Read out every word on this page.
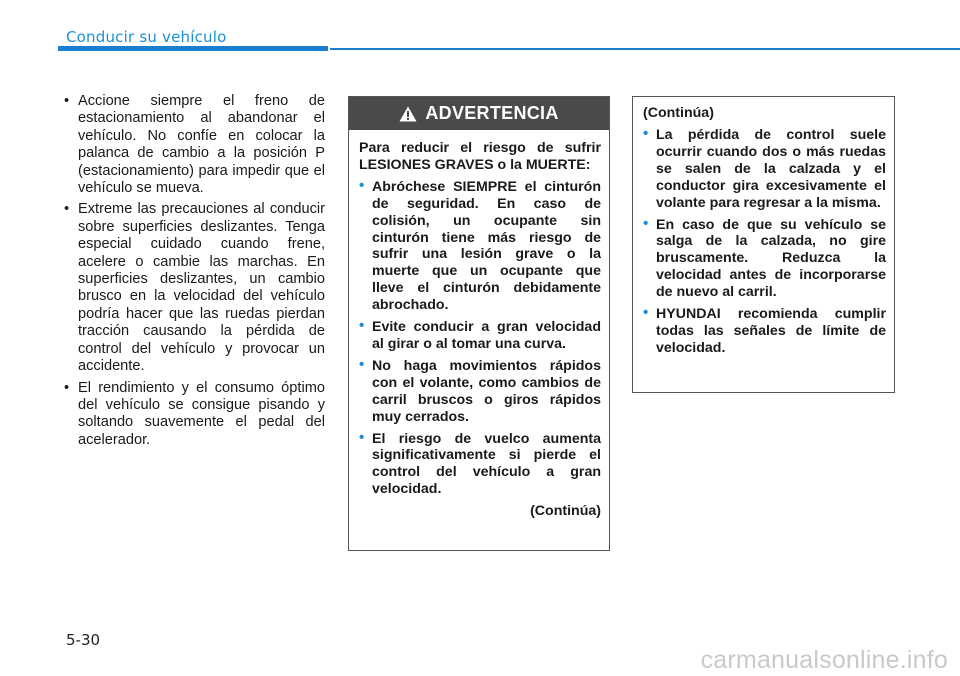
Conducir su vehículo
• Accione siempre el freno de estacionamiento al abandonar el vehículo. No confíe en colocar la palanca de cambio a la posición P (estacionamiento) para impedir que el vehículo se mueva.
• Extreme las precauciones al conducir sobre superficies deslizantes. Tenga especial cuidado cuando frene, acelere o cambie las marchas. En superficies deslizantes, un cambio brusco en la velocidad del vehículo podría hacer que las ruedas pierdan tracción causando la pérdida de control del vehículo y provocar un accidente.
• El rendimiento y el consumo óptimo del vehículo se consigue pisando y soltando suavemente el pedal del acelerador.
ADVERTENCIA

Para reducir el riesgo de sufrir LESIONES GRAVES o la MUERTE:

• Abróchese SIEMPRE el cinturón de seguridad. En caso de colisión, un ocupante sin cinturón tiene más riesgo de sufrir una lesión grave o la muerte que un ocupante que lleve el cinturón debidamente abrochado.
• Evite conducir a gran velocidad al girar o al tomar una curva.
• No haga movimientos rápidos con el volante, como cambios de carril bruscos o giros rápidos muy cerrados.
• El riesgo de vuelco aumenta significativamente si pierde el control del vehículo a gran velocidad.
(Continúa)

(Continúa)

• La pérdida de control suele ocurrir cuando dos o más ruedas se salen de la calzada y el conductor gira excesivamente el volante para regresar a la misma.
• En caso de que su vehículo se salga de la calzada, no gire bruscamente. Reduzca la velocidad antes de incorporarse de nuevo al carril.
• HYUNDAI recomienda cumplir todas las señales de límite de velocidad.
5-30
carmanualsonline.info
